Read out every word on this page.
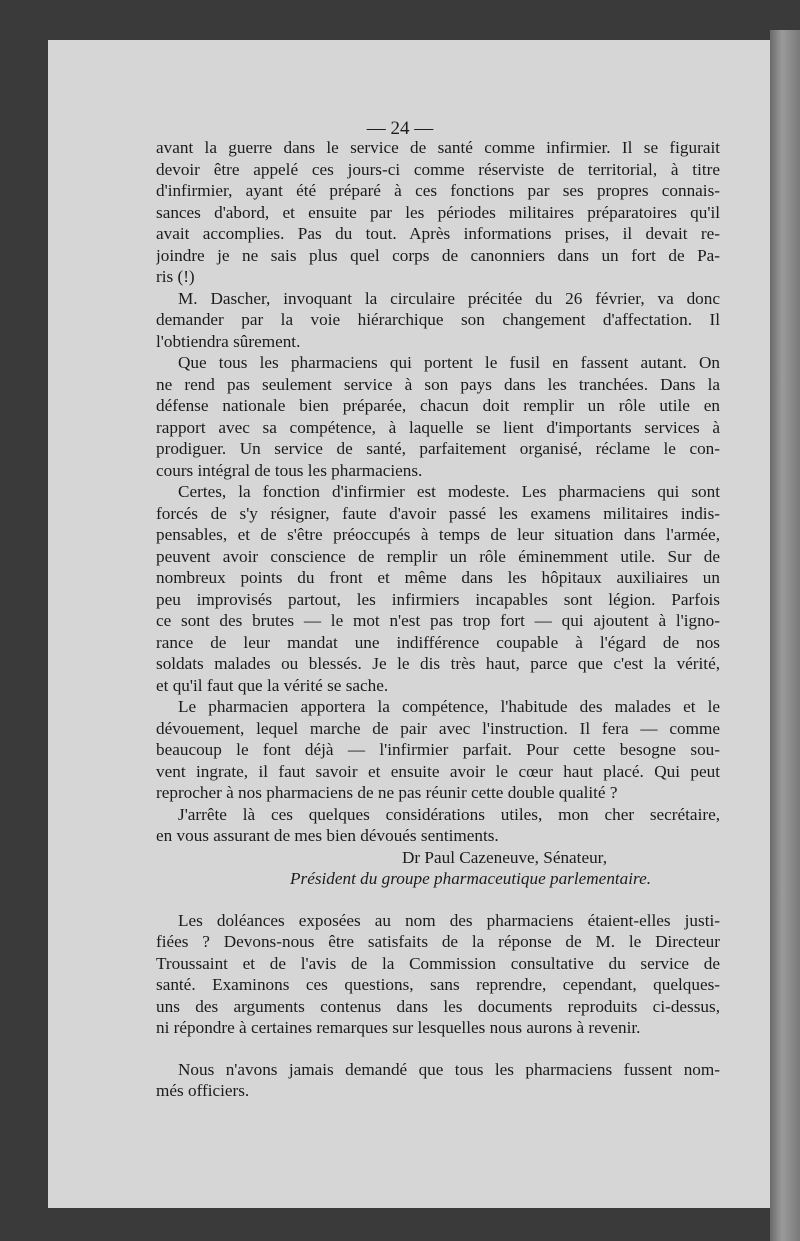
— 24 —

avant la guerre dans le service de santé comme infirmier. Il se figurait
devoir être appelé ces jours-ci comme réserviste de territorial, à titre
d'infirmier, ayant été préparé à ces fonctions par ses propres connais-
sances d'abord, et ensuite par les périodes militaires préparatoires qu'il
avait accomplies. Pas du tout. Après informations prises, il devait re-
joindre je ne sais plus quel corps de canonniers dans un fort de Pa-
ris (!)

M. Dascher, invoquant la circulaire précitée du 26 février, va donc
demander par la voie hiérarchique son changement d'affectation. Il
l'obtiendra sûrement.

Que tous les pharmaciens qui portent le fusil en fassent autant. On
ne rend pas seulement service à son pays dans les tranchées. Dans la
défense nationale bien préparée, chacun doit remplir un rôle utile en
rapport avec sa compétence, à laquelle se lient d'importants services à
prodiguer. Un service de santé, parfaitement organisé, réclame le con-
cours intégral de tous les pharmaciens.

Certes, la fonction d'infirmier est modeste. Les pharmaciens qui sont
forcés de s'y résigner, faute d'avoir passé les examens militaires indis-
pensables, et de s'être préoccupés à temps de leur situation dans l'armée,
peuvent avoir conscience de remplir un rôle éminemment utile. Sur de
nombreux points du front et même dans les hôpitaux auxiliaires un
peu improvisés partout, les infirmiers incapables sont légion. Parfois
ce sont des brutes — le mot n'est pas trop fort — qui ajoutent à l'igno-
rance de leur mandat une indifférence coupable à l'égard de nos
soldats malades ou blessés. Je le dis très haut, parce que c'est la vérité,
et qu'il faut que la vérité se sache.

Le pharmacien apportera la compétence, l'habitude des malades et le
dévouement, lequel marche de pair avec l'instruction. Il fera — comme
beaucoup le font déjà — l'infirmier parfait. Pour cette besogne sou-
vent ingrate, il faut savoir et ensuite avoir le cœur haut placé. Qui peut
reprocher à nos pharmaciens de ne pas réunir cette double qualité ?

J'arrête là ces quelques considérations utiles, mon cher secrétaire,
en vous assurant de mes bien dévoués sentiments.

Dr Paul Cazeneuve, Sénateur,
Président du groupe pharmaceutique parlementaire.

Les doléances exposées au nom des pharmaciens étaient-elles justi-
fiées ? Devons-nous être satisfaits de la réponse de M. le Directeur
Troussaint et de l'avis de la Commission consultative du service de
santé. Examinons ces questions, sans reprendre, cependant, quelques-
uns des arguments contenus dans les documents reproduits ci-dessus,
ni répondre à certaines remarques sur lesquelles nous aurons à revenir.

Nous n'avons jamais demandé que tous les pharmaciens fussent nom-
més officiers.
